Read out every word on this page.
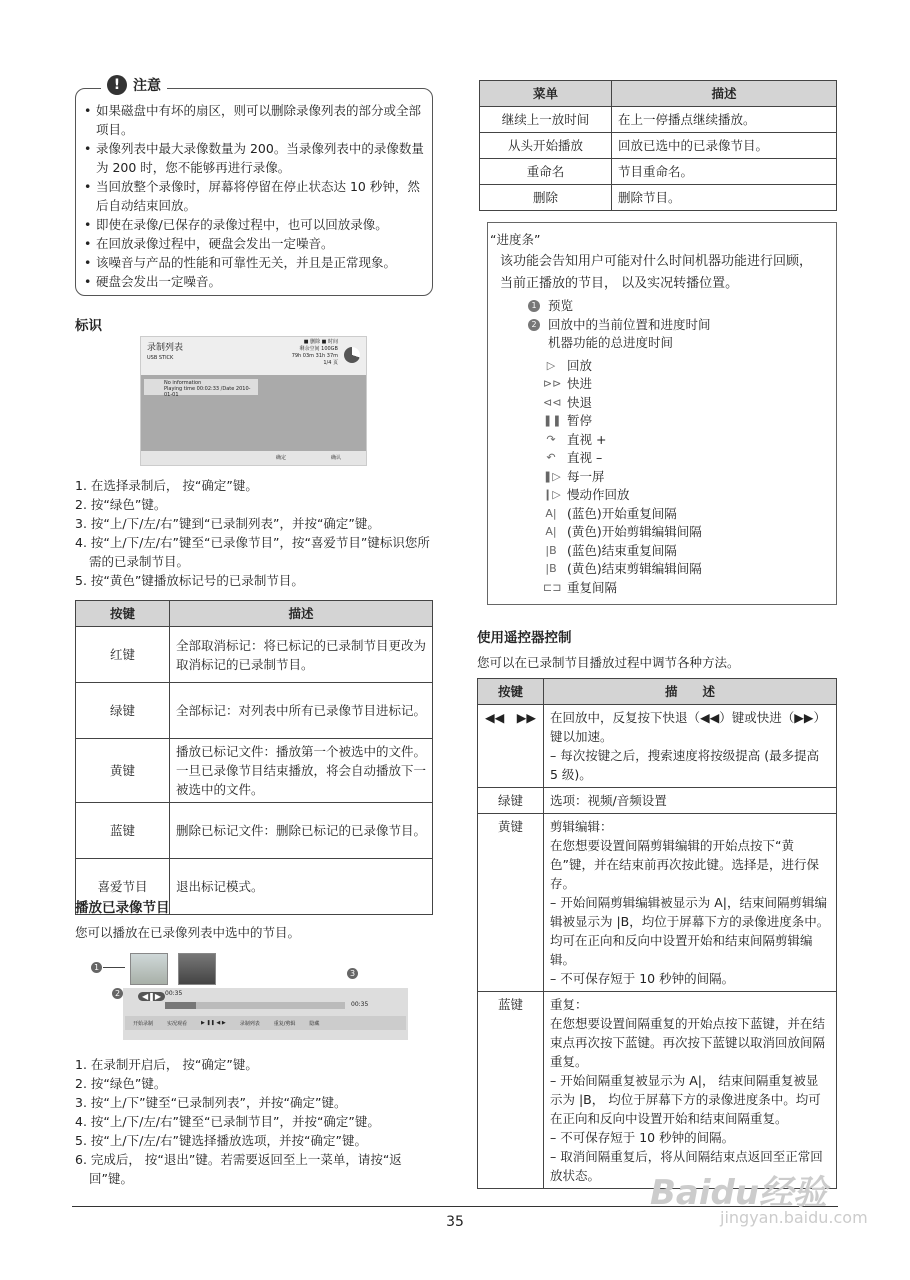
! 注意
• 如果磁盘中有坏的扇区，则可以删除录像列表的部分或全部项目。
• 录像列表中最大录像数量为 200。当录像列表中的录像数量为 200 时，您不能够再进行录像。
• 当回放整个录像时，屏幕将停留在停止状态达 10 秒钟，然后自动结束回放。
• 即使在录像/已保存的录像过程中，也可以回放录像。
• 在回放录像过程中，硬盘会发出一定噪音。
• 该噪音与产品的性能和可靠性无关，并且是正常现象。
• 硬盘会发出一定噪音。
标识
录制列表
USB STICK
■ 删除 ■ 时间
剩余空间 100GB
79h 03m 31h 37m
1/4 页
No information
Playing time 00:02:33 /Date 2010-01-01
确定	确认
1. 在选择录制后， 按“确定”键。
2. 按“绿色”键。
3. 按“上/下/左/右”键到“已录制列表”，并按“确定”键。
4. 按“上/下/左/右”键至“已录像节目”，按“喜爱节目”键标识您所需的已录制节目。
5. 按“黄色”键播放标记号的已录制节目。
按键	描述
红键	全部取消标记：将已标记的已录制节目更改为取消标记的已录制节目。
绿键	全部标记：对列表中所有已录像节目进标记。
黄键	播放已标记文件：播放第一个被选中的文件。一旦已录像节目结束播放，将会自动播放下一被选中的文件。
蓝键	删除已标记文件：删除已标记的已录像节目。
喜爱节目	退出标记模式。
播放已录像节目

您可以播放在已录像列表中选中的节目。

1
2
3
◀❚▶ 00:35
00:35
开始录制	实况观看	▶ ❚❚ ◀ ▶	录制列表	重复/剪辑	隐藏
1. 在录制开启后， 按“确定”键。
2. 按“绿色”键。
3. 按“上/下”键至“已录制列表”，并按“确定”键。
4. 按“上/下/左/右”键至“已录制节目”，并按“确定”键。
5. 按“上/下/左/右”键选择播放选项，并按“确定”键。
6. 完成后， 按“退出”键。若需要返回至上一菜单，请按“返回”键。
菜单	描述
继续上一放时间	在上一停播点继续播放。
从头开始播放	回放已选中的已录像节目。
重命名	节目重命名。
删除	删除节目。
“进度条”
该功能会告知用户可能对什么时间机器功能进行回顾， 当前正播放的节目， 以及实况转播位置。
1 预览
2 回放中的当前位置和进度时间
机器功能的总进度时间
▷ 回放
⊳⊳ 快进
⊲⊲ 快退
❚❚ 暂停
↷ 直视 +
↶ 直视 –
❚▷ 每一屏
❙▷ 慢动作回放
A| (蓝色)开始重复间隔
A| (黄色)开始剪辑编辑间隔
|B (蓝色)结束重复间隔
|B (黄色)结束剪辑编辑间隔
⊏⊐ 重复间隔
使用遥控器控制

您可以在已录制节目播放过程中调节各种方法。

按键	描　　述
◀◀　▶▶	在回放中，反复按下快退（◀◀）键或快进（▶▶）键以加速。
– 每次按键之后，搜索速度将按级提高 (最多提高 5 级)。
绿键	选项：视频/音频设置
黄键	剪辑编辑：
在您想要设置间隔剪辑编辑的开始点按下“黄色”键，并在结束前再次按此键。选择是，进行保存。
– 开始间隔剪辑编辑被显示为 A|，结束间隔剪辑编辑被显示为 |B，均位于屏幕下方的录像进度条中。均可在正向和反向中设置开始和结束间隔剪辑编辑。
– 不可保存短于 10 秒钟的间隔。
蓝键	重复：
在您想要设置间隔重复的开始点按下蓝键，并在结束点再次按下蓝键。再次按下蓝键以取消回放间隔重复。
– 开始间隔重复被显示为 A|， 结束间隔重复被显示为 |B， 均位于屏幕下方的录像进度条中。均可在正向和反向中设置开始和结束间隔重复。
– 不可保存短于 10 秒钟的间隔。
– 取消间隔重复后，将从间隔结束点返回至正常回放状态。
35
Baidu经验
jingyan.baidu.com
